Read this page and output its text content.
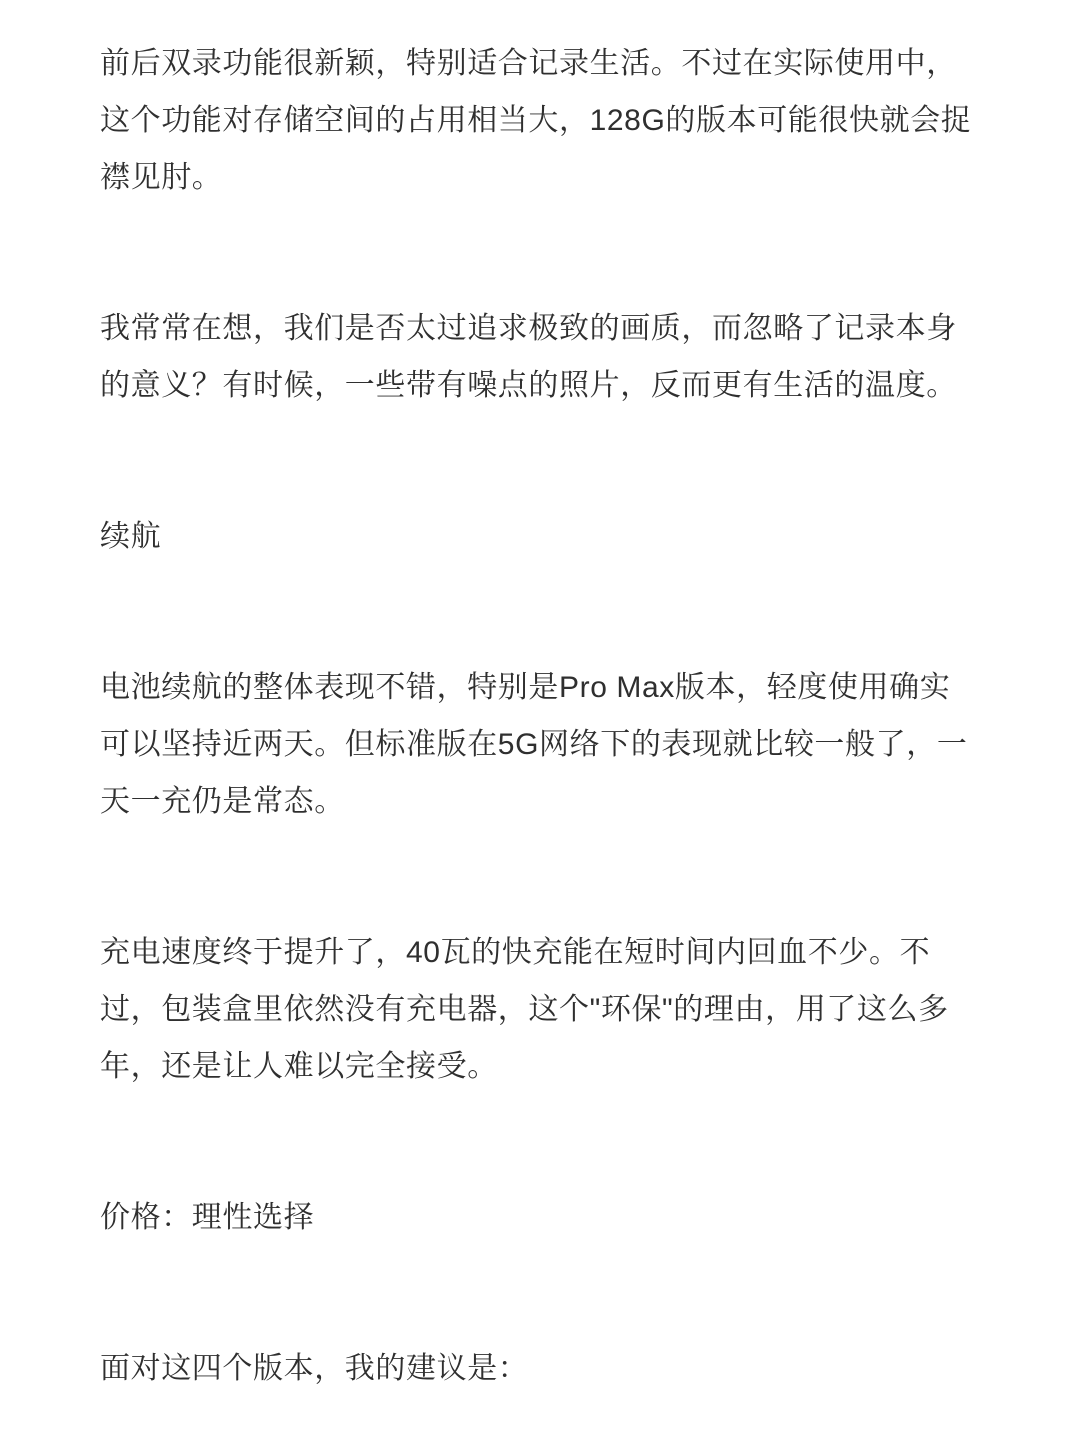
前后双录功能很新颖，特别适合记录生活。不过在实际使用中，
这个功能对存储空间的占用相当大，128G的版本可能很快就会捉
襟见肘。
我常常在想，我们是否太过追求极致的画质，而忽略了记录本身
的意义？有时候，一些带有噪点的照片，反而更有生活的温度。
续航
电池续航的整体表现不错，特别是Pro Max版本，轻度使用确实
可以坚持近两天。但标准版在5G网络下的表现就比较一般了，一
天一充仍是常态。
充电速度终于提升了，40瓦的快充能在短时间内回血不少。不
过，包装盒里依然没有充电器，这个"环保"的理由，用了这么多
年，还是让人难以完全接受。
价格：理性选择
面对这四个版本，我的建议是：
